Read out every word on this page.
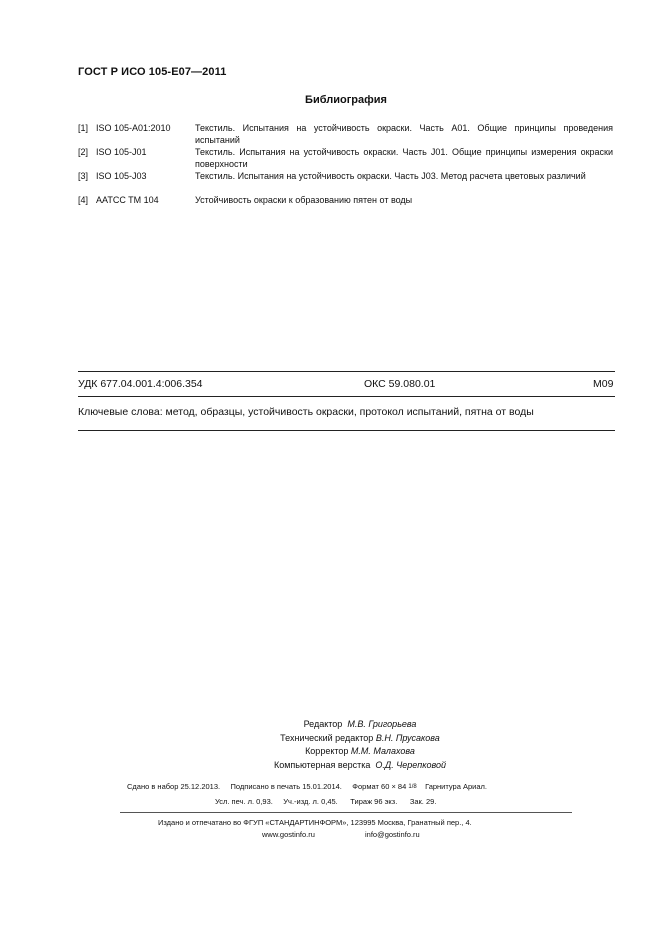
ГОСТ Р ИСО 105-E07—2011
Библиография
[1] ISO 105-A01:2010	Текстиль. Испытания на устойчивость окраски. Часть A01. Общие принципы проведения испытаний
[2] ISO 105-J01	Текстиль. Испытания на устойчивость окраски. Часть J01. Общие принципы измерения окраски поверхности
[3] ISO 105-J03	Текстиль. Испытания на устойчивость окраски. Часть J03. Метод расчета цветовых различий
[4] AATCC TM 104	Устойчивость окраски к образованию пятен от воды
УДК 677.04.001.4:006.354	ОКС 59.080.01	М09
Ключевые слова: метод, образцы, устойчивость окраски, протокол испытаний, пятна от воды
Редактор М.В. Григорьева
Технический редактор В.Н. Прусакова
Корректор М.М. Малахова
Компьютерная верстка О.Д. Черепковой
Сдано в набор 25.12.2013. Подписано в печать 15.01.2014. Формат 60 × 84 1/8 Гарнитура Ариал.
Усл. печ. л. 0,93. Уч.-изд. л. 0,45. Тираж 96 экз. Зак. 29.
Издано и отпечатано во ФГУП «СТАНДАРТИНФОРМ», 123995 Москва, Гранатный пер., 4.
www.gostinfo.ru	info@gostinfo.ru
